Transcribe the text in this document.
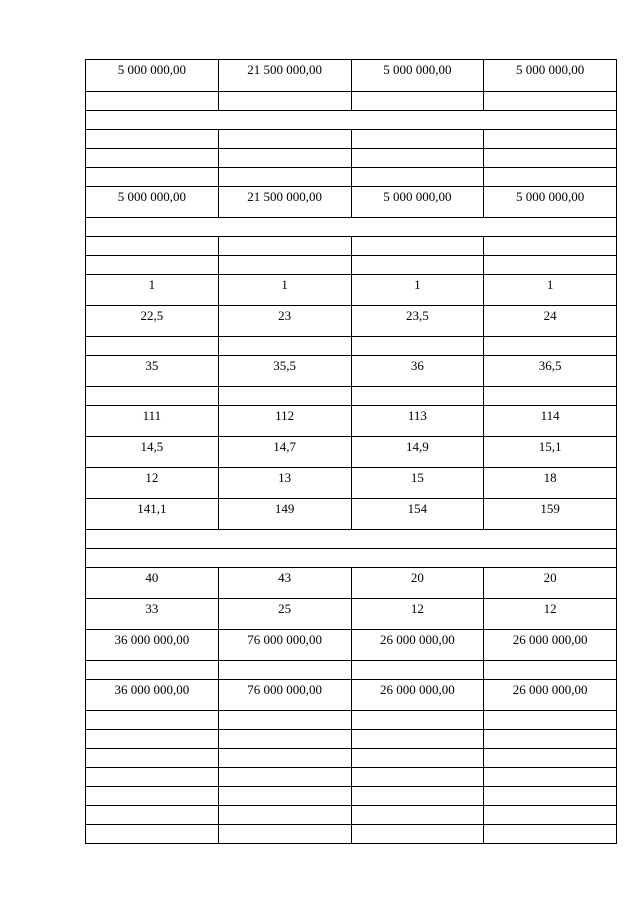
5 000 000,00	21 500 000,00	5 000 000,00	5 000 000,00

5 000 000,00	21 500 000,00	5 000 000,00	5 000 000,00

1	1	1	1

22,5	23	23,5	24

35	35,5	36	36,5

111	112	113	114

14,5	14,7	14,9	15,1

12	13	15	18

141,1	149	154	159

40	43	20	20

33	25	12	12

36 000 000,00	76 000 000,00	26 000 000,00	26 000 000,00

36 000 000,00	76 000 000,00	26 000 000,00	26 000 000,00
